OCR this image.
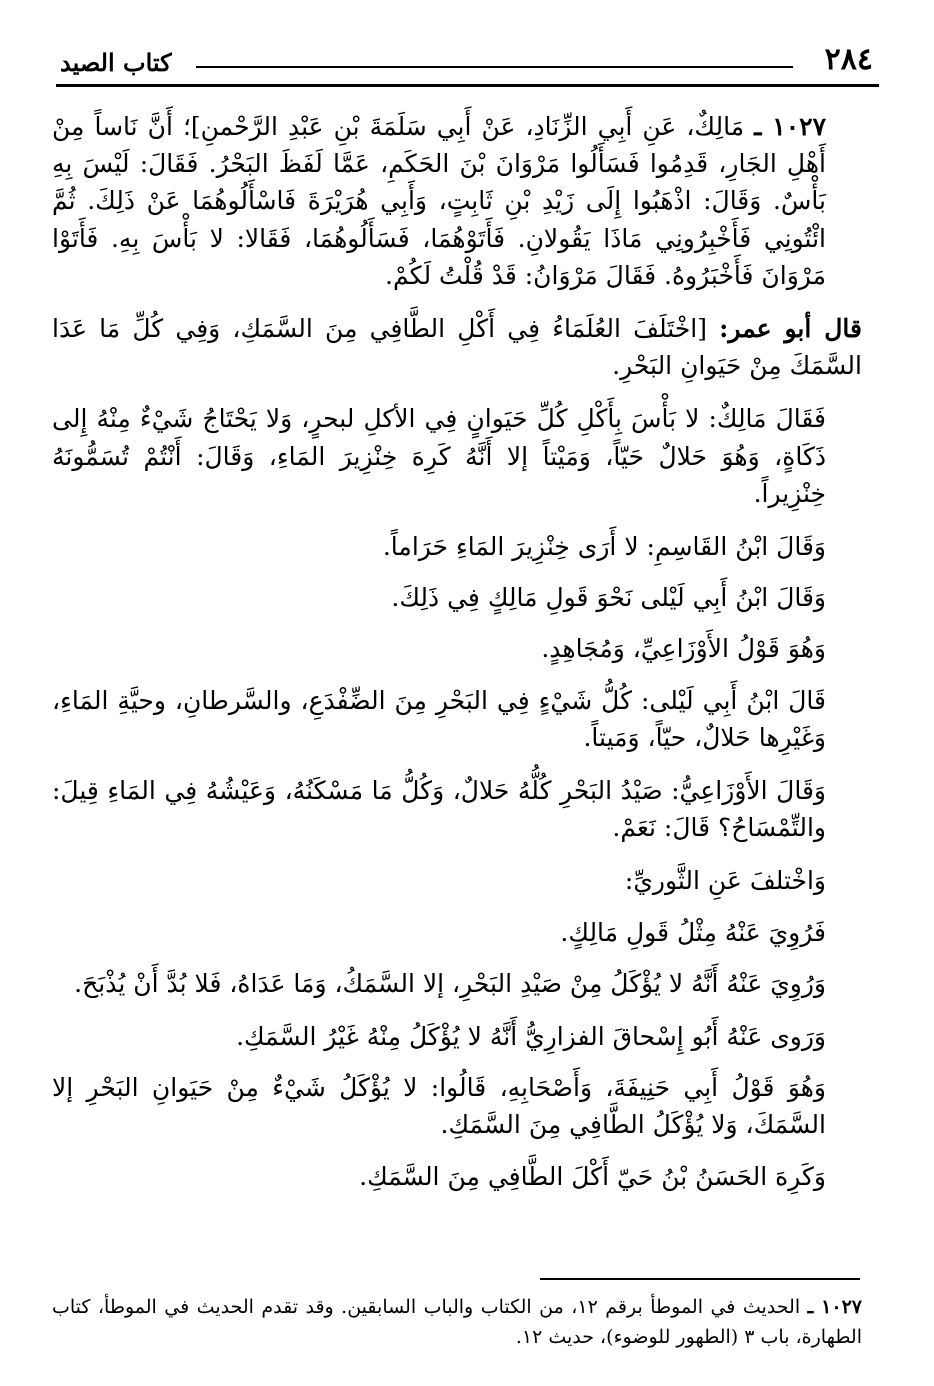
٢٨٤
كتاب الصيد

١٠٢٧ ـ مَالِكٌ، عَنِ أَبِي الزِّنَادِ، عَنْ أَبِي سَلَمَةَ بْنِ عَبْدِ الرَّحْمنِ]؛ أَنَّ نَاساً مِنْ أَهْلِ الجَارِ، قَدِمُوا فَسَأَلُوا مَرْوَانَ بْنَ الحَكَمِ، عَمَّا لَفَظَ البَحْرُ. فَقَالَ: لَيْسَ بِهِ بَأْسٌ. وَقَالَ: اذْهَبُوا إِلَى زَيْدِ بْنِ ثَابِتٍ، وَأَبِي هُرَيْرَةَ فَاسْأَلُوهُمَا عَنْ ذَلِكَ. ثُمَّ ائْتُونِي فَأَخْبِرُونِي مَاذَا يَقُولانِ. فَأَتَوْهُمَا، فَسَأَلُوهُمَا، فَقَالا: لا بَأْسَ بِهِ. فَأَتَوْا مَرْوَانَ فَأَخْبَرُوهُ. فَقَالَ مَرْوَانُ: قَدْ قُلْتُ لَكُمْ.

قال أبو عمر: [اخْتَلَفَ العُلَمَاءُ فِي أَكْلِ الطَّافِي مِنَ السَّمَكِ، وَفِي كُلِّ مَا عَدَا السَّمَكَ مِنْ حَيَوانِ البَحْرِ.

فَقَالَ مَالِكٌ: لا بَأْسَ بِأَكْلِ كُلِّ حَيَوانٍ فِي الأكلِ لبحرٍ، وَلا يَحْتَاجُ شَيْءٌ مِنْهُ إِلى ذَكَاةٍ، وَهُوَ حَلالٌ حَيّاً، وَمَيْتاً إلا أَنَّهُ كَرِهَ خِنْزِيرَ المَاءِ، وَقَالَ: أَنْتُمْ تُسَمُّونَهُ خِنْزِيراً.

وَقَالَ ابْنُ القَاسِمِ: لا أَرَى خِنْزِيرَ المَاءِ حَرَاماً.

وَقَالَ ابْنُ أَبِي لَيْلى نَحْوَ قَولِ مَالِكٍ فِي ذَلِكَ.

وَهُوَ قَوْلُ الأَوْزَاعِيِّ، وَمُجَاهِدٍ.

قَالَ ابْنُ أَبِي لَيْلى: كُلُّ شَيْءٍ فِي البَحْرِ مِنَ الضِّفْدَعِ، والسَّرطانِ، وحيَّةِ المَاءِ، وَغَيْرِها حَلالٌ، حيّاً، وَمَيتاً.

وَقَالَ الأَوْزَاعِيُّ: صَيْدُ البَحْرِ كُلُّهُ حَلالٌ، وَكُلُّ مَا مَسْكَنُهُ، وَعَيْشُهُ فِي المَاءِ قِيلَ: والتِّمْسَاحُ؟ قَالَ: نَعَمْ.

وَاخْتلفَ عَنِ الثَّوريِّ:

فَرُوِيَ عَنْهُ مِثْلُ قَولِ مَالِكٍ.

وَرُوِيَ عَنْهُ أَنَّهُ لا يُؤْكَلُ مِنْ صَيْدِ البَحْرِ، إلا السَّمَكُ، وَمَا عَدَاهُ، فَلا بُدَّ أَنْ يُذْبَحَ.

وَرَوى عَنْهُ أَبُو إِسْحاقَ الفزارِيُّ أَنَّهُ لا يُؤْكَلُ مِنْهُ غَيْرُ السَّمَكِ.

وَهُوَ قَوْلُ أَبِي حَنِيفَةَ، وَأَصْحَابِهِ، قَالُوا: لا يُؤْكَلُ شَيْءٌ مِنْ حَيَوانِ البَحْرِ إلا السَّمَكَ، وَلا يُؤْكَلُ الطَّافِي مِنَ السَّمَكِ.

وَكَرِهَ الحَسَنُ بْنُ حَيّ أَكْلَ الطَّافِي مِنَ السَّمَكِ.

١٠٢٧ ـ الحديث في الموطأ برقم ١٢، من الكتاب والباب السابقين. وقد تقدم الحديث في الموطأ، كتاب الطهارة، باب ٣ (الطهور للوضوء)، حديث ١٢.
